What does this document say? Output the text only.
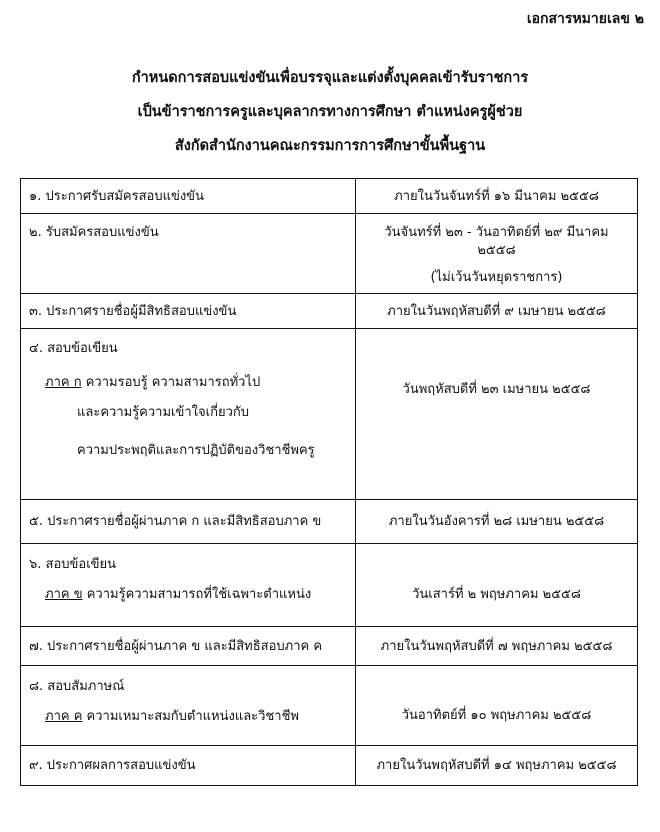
เอกสารหมายเลข ๒
กำหนดการสอบแข่งขันเพื่อบรรจุและแต่งตั้งบุคคลเข้ารับราชการ
เป็นข้าราชการครูและบุคลากรทางการศึกษา ตำแหน่งครูผู้ช่วย
สังกัดสำนักงานคณะกรรมการการศึกษาขั้นพื้นฐาน
๑. ประกาศรับสมัครสอบแข่งขัน	ภายในวันจันทร์ที่ ๑๖ มีนาคม ๒๕๕๘

๒. รับสมัครสอบแข่งขัน	วันจันทร์ที่ ๒๓ - วันอาทิตย์ที่ ๒๙ มีนาคม ๒๕๕๘
(ไม่เว้นวันหยุดราชการ)

๓. ประกาศรายชื่อผู้มีสิทธิสอบแข่งขัน	ภายในวันพฤหัสบดีที่ ๙ เมษายน ๒๕๕๘

๔. สอบข้อเขียน
ภาค ก ความรอบรู้ ความสามารถทั่วไป
และความรู้ความเข้าใจเกี่ยวกับ
ความประพฤติและการปฏิบัติของวิชาชีพครู	วันพฤหัสบดีที่ ๒๓ เมษายน ๒๕๕๘

๕. ประกาศรายชื่อผู้ผ่านภาค ก และมีสิทธิสอบภาค ข	ภายในวันอังคารที่ ๒๘ เมษายน ๒๕๕๘

๖. สอบข้อเขียน
ภาค ข ความรู้ความสามารถที่ใช้เฉพาะตำแหน่ง	วันเสาร์ที่ ๒ พฤษภาคม ๒๕๕๘

๗. ประกาศรายชื่อผู้ผ่านภาค ข และมีสิทธิสอบภาค ค	ภายในวันพฤหัสบดีที่ ๗ พฤษภาคม ๒๕๕๘

๘. สอบสัมภาษณ์
ภาค ค ความเหมาะสมกับตำแหน่งและวิชาชีพ	วันอาทิตย์ที่ ๑๐ พฤษภาคม ๒๕๕๘

๙. ประกาศผลการสอบแข่งขัน	ภายในวันพฤหัสบดีที่ ๑๔ พฤษภาคม ๒๕๕๘
